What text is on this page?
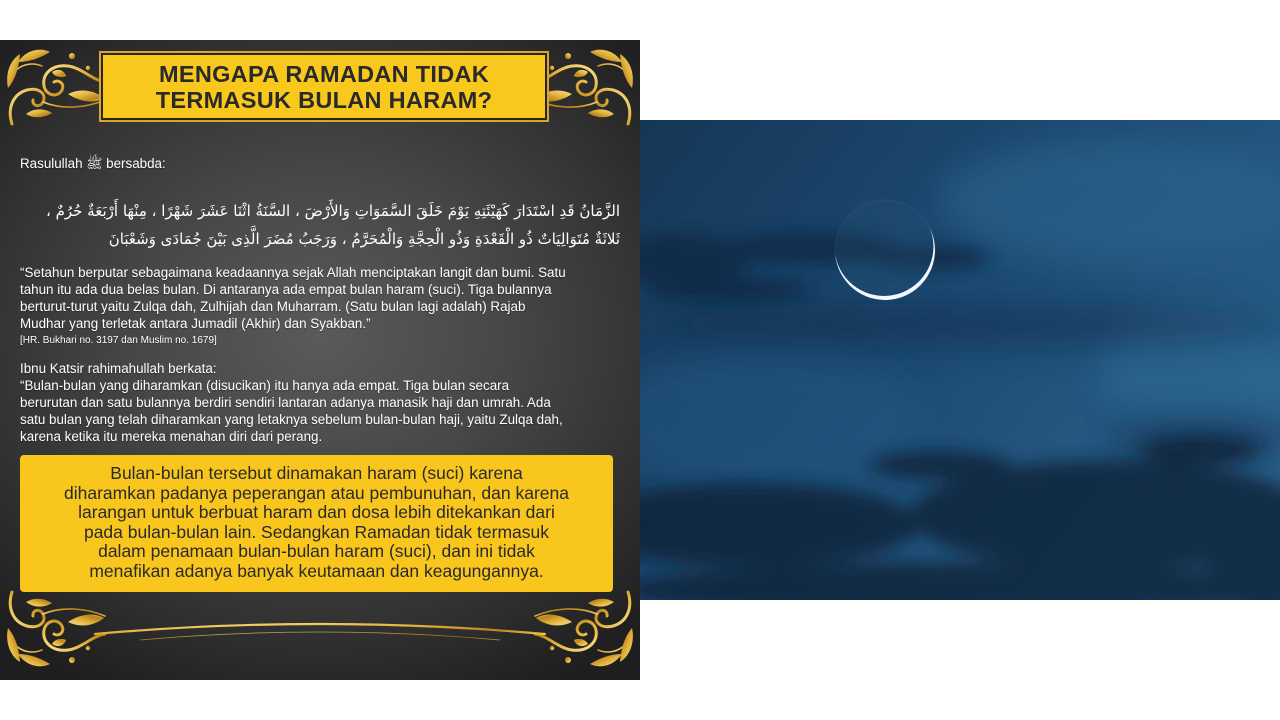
MENGAPA RAMADAN TIDAK
TERMASUK BULAN HARAM?
Rasulullah ﷺ bersabda:
الزَّمَانُ قَدِ اسْتَدَارَ كَهَيْئَتِهِ يَوْمَ خَلَقَ السَّمَوَاتِ وَالأَرْضَ ، السَّنَةُ اثْنَا عَشَرَ شَهْرًا ، مِنْهَا أَرْبَعَةٌ حُرُمٌ ،
ثَلاثَةٌ مُتَوَالِيَاتٌ ذُو الْقَعْدَةِ وَذُو الْحِجَّةِ وَالْمُحَرَّمُ ، وَرَجَبُ مُضَرَ الَّذِى بَيْنَ جُمَادَى وَشَعْبَانَ
“Setahun berputar sebagaimana keadaannya sejak Allah menciptakan langit dan bumi. Satu
tahun itu ada dua belas bulan. Di antaranya ada empat bulan haram (suci). Tiga bulannya
berturut-turut yaitu Zulqa dah, Zulhijah dan Muharram. (Satu bulan lagi adalah) Rajab
Mudhar yang terletak antara Jumadil (Akhir) dan Syakban.”
[HR. Bukhari no. 3197 dan Muslim no. 1679]
Ibnu Katsir rahimahullah berkata:
“Bulan-bulan yang diharamkan (disucikan) itu hanya ada empat. Tiga bulan secara
berurutan dan satu bulannya berdiri sendiri lantaran adanya manasik haji dan umrah. Ada
satu bulan yang telah diharamkan yang letaknya sebelum bulan-bulan haji, yaitu Zulqa dah,
karena ketika itu mereka menahan diri dari perang.
Bulan-bulan tersebut dinamakan haram (suci) karena
diharamkan padanya peperangan atau pembunuhan, dan karena
larangan untuk berbuat haram dan dosa lebih ditekankan dari
pada bulan-bulan lain. Sedangkan Ramadan tidak termasuk
dalam penamaan bulan-bulan haram (suci), dan ini tidak
menafikan adanya banyak keutamaan dan keagungannya.
